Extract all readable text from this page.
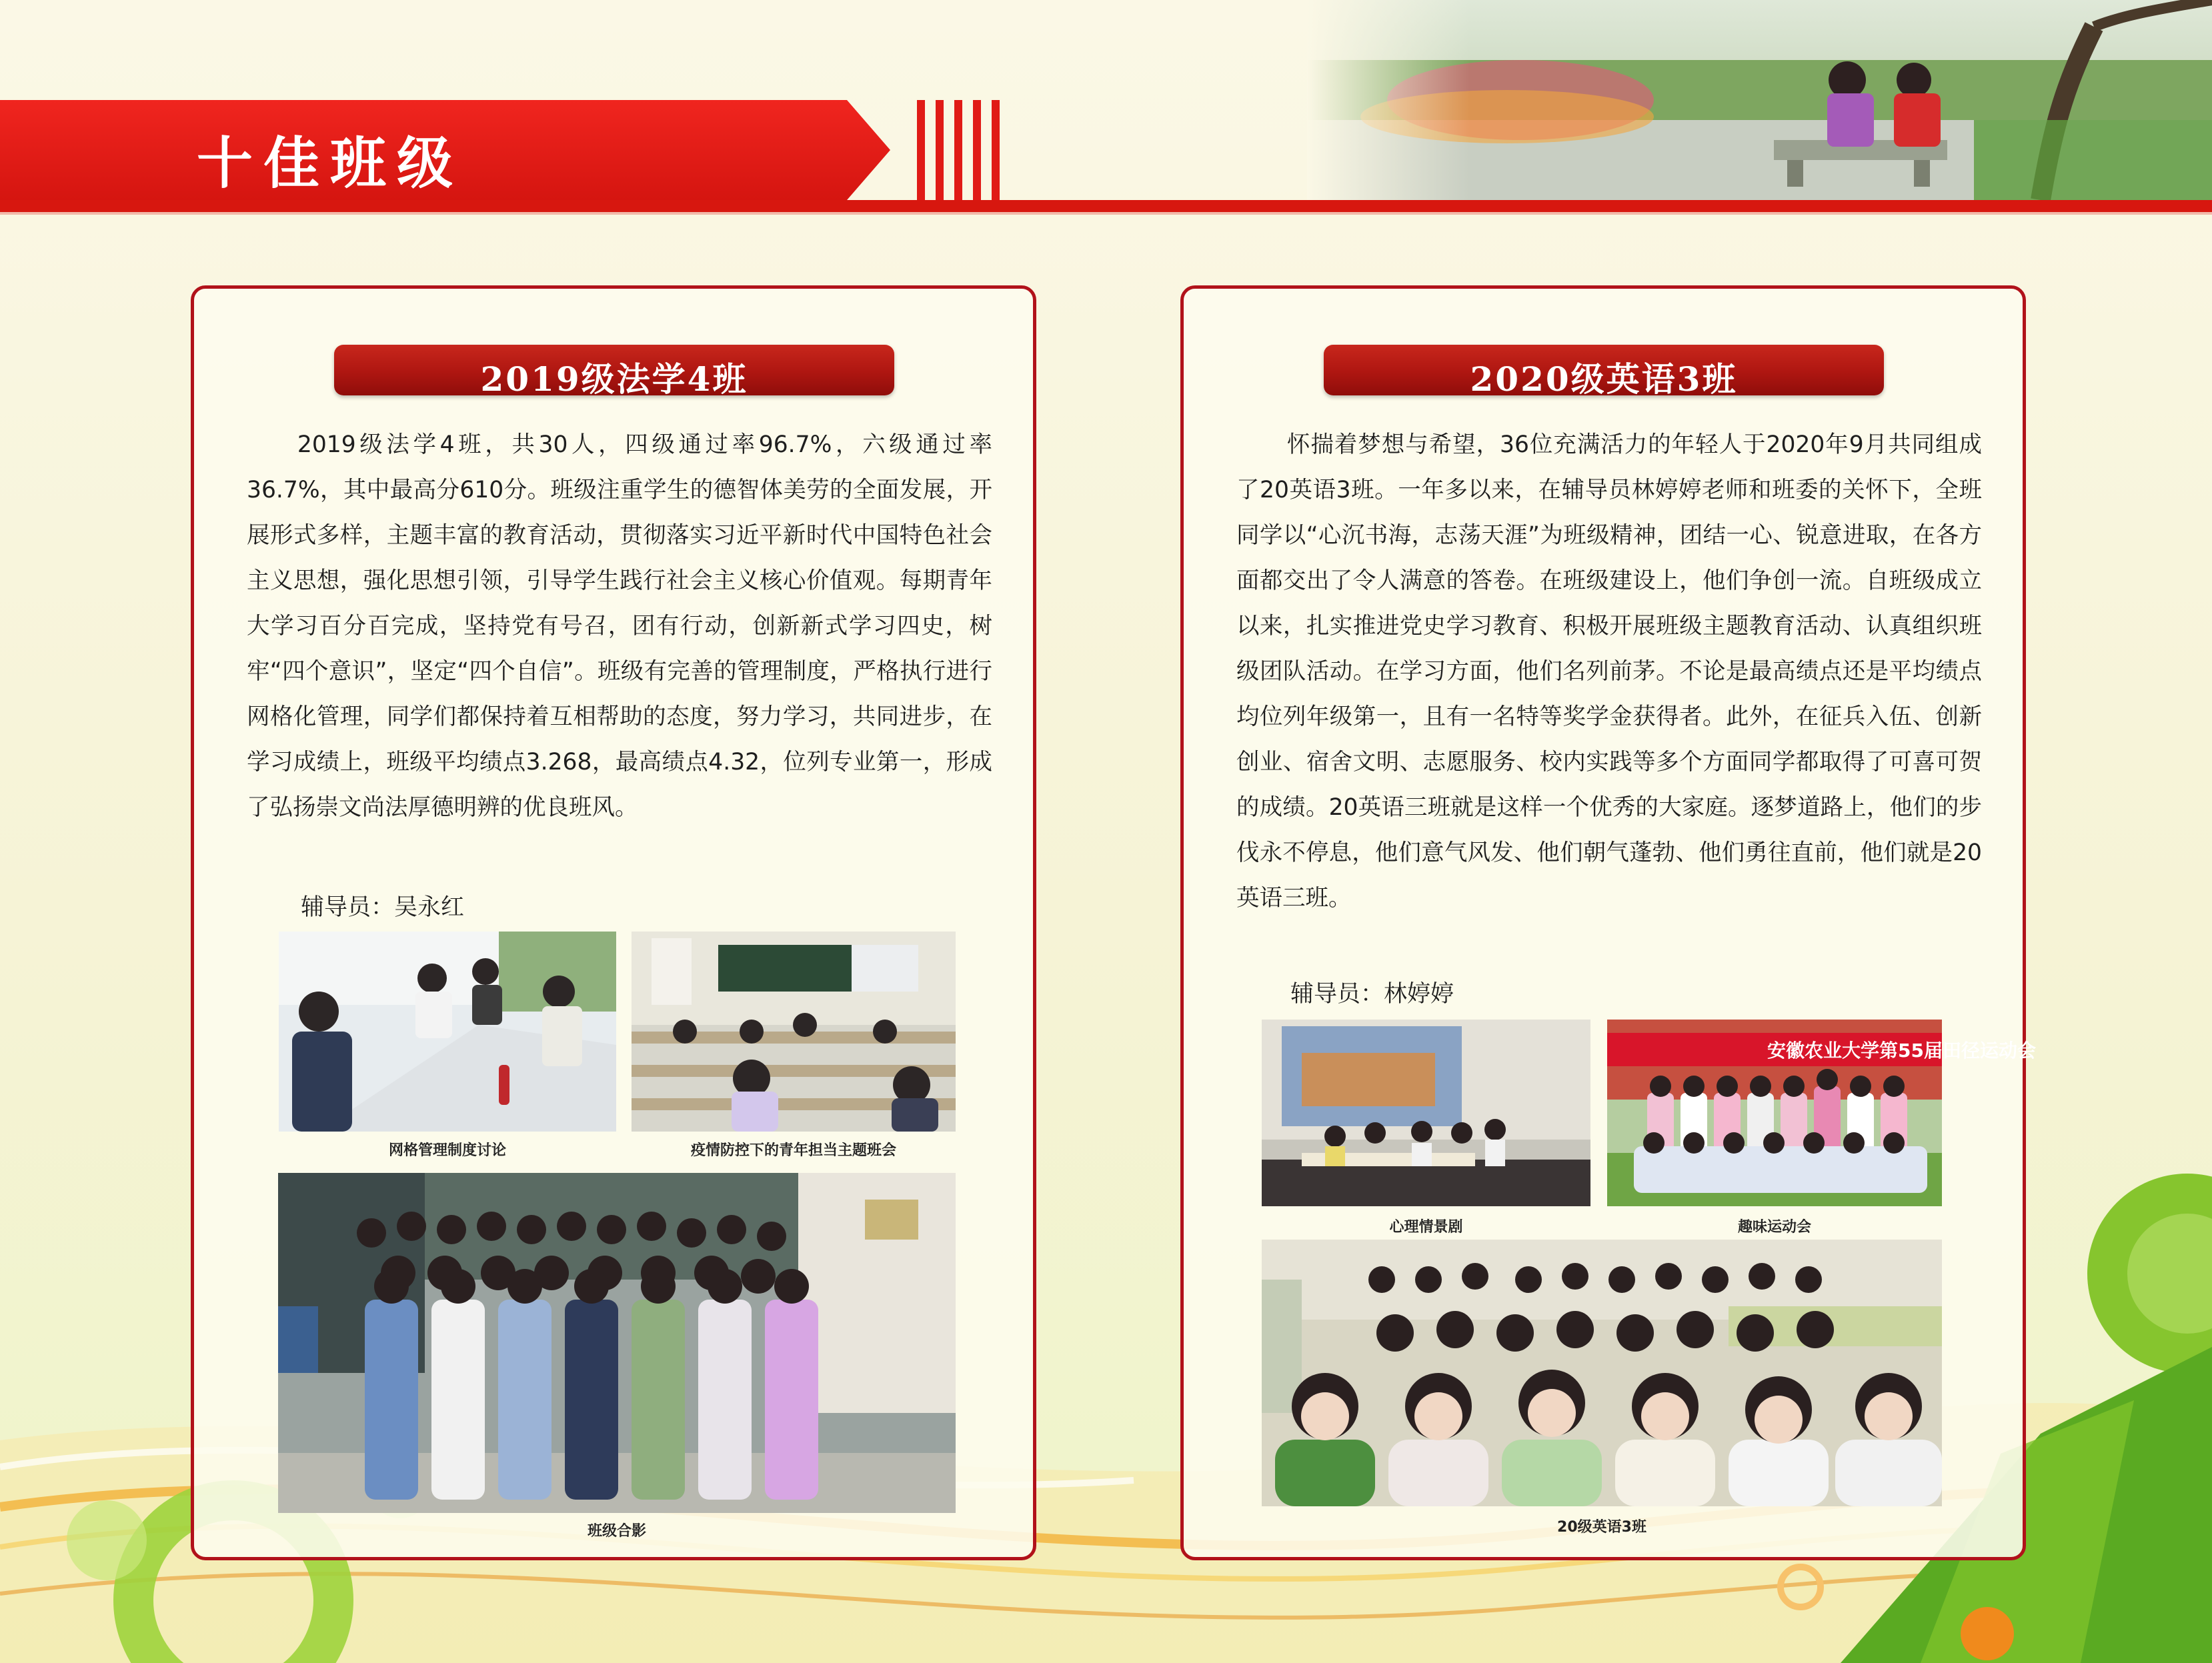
十佳班级
2019级法学4班

2019级法学4班，共30人，四级通过率96.7%，六级通过率36.7%，其中最高分610分。班级注重学生的德智体美劳的全面发展，开展形式多样，主题丰富的教育活动，贯彻落实习近平新时代中国特色社会主义思想，强化思想引领，引导学生践行社会主义核心价值观。每期青年大学习百分百完成，坚持党有号召，团有行动，创新新式学习四史，树牢“四个意识”，坚定“四个自信”。班级有完善的管理制度，严格执行进行网格化管理，同学们都保持着互相帮助的态度，努力学习，共同进步，在学习成绩上，班级平均绩点3.268，最高绩点4.32，位列专业第一，形成了弘扬崇文尚法厚德明辨的优良班风。

辅导员：吴永红

网格管理制度讨论	疫情防控下的青年担当主题班会
班级合影
2020级英语3班

怀揣着梦想与希望，36位充满活力的年轻人于2020年9月共同组成了20英语3班。一年多以来，在辅导员林婷婷老师和班委的关怀下，全班同学以“心沉书海，志荡天涯”为班级精神，团结一心、锐意进取，在各方面都交出了令人满意的答卷。在班级建设上，他们争创一流。自班级成立以来，扎实推进党史学习教育、积极开展班级主题教育活动、认真组织班级团队活动。在学习方面，他们名列前茅。不论是最高绩点还是平均绩点均位列年级第一，且有一名特等奖学金获得者。此外，在征兵入伍、创新创业、宿舍文明、志愿服务、校内实践等多个方面同学都取得了可喜可贺的成绩。20英语三班就是这样一个优秀的大家庭。逐梦道路上，他们的步伐永不停息，他们意气风发、他们朝气蓬勃、他们勇往直前，他们就是20英语三班。

辅导员：林婷婷

心理情景剧
安徽农业大学第55届田径运动会
趣味运动会
20级英语3班
